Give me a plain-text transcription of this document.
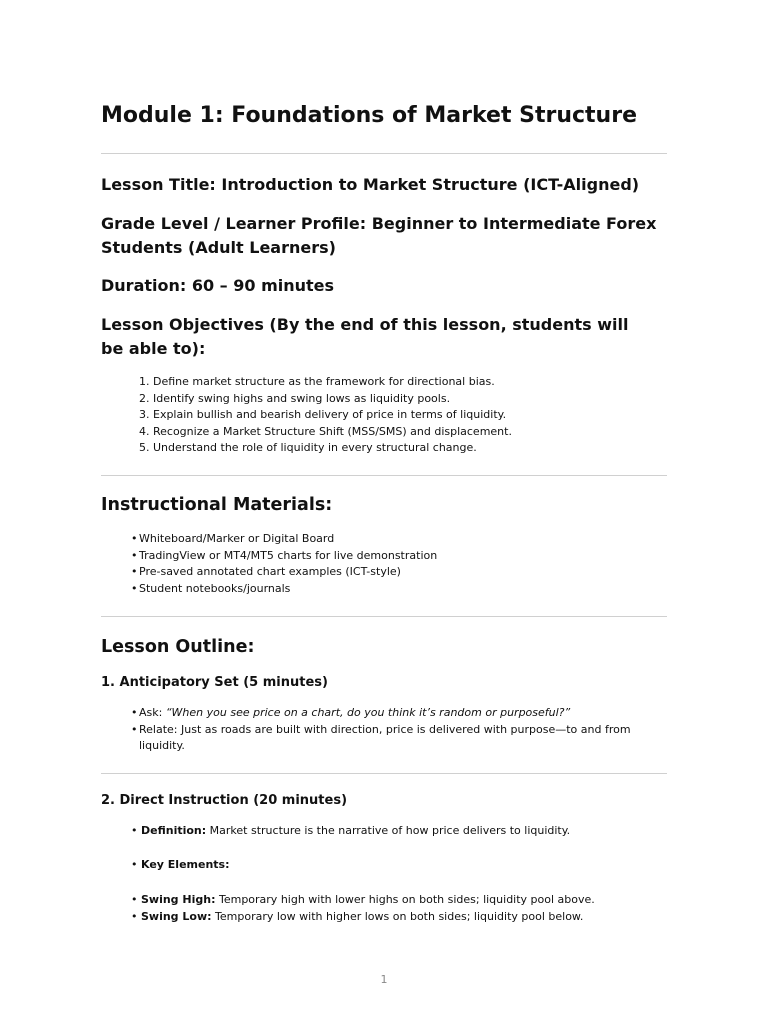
Module 1: Foundations of Market Structure
Lesson Title: Introduction to Market Structure (ICT-Aligned)
Grade Level / Learner Profile: Beginner to Intermediate Forex Students (Adult Learners)
Duration: 60 – 90 minutes
Lesson Objectives (By the end of this lesson, students will be able to):
1. Define market structure as the framework for directional bias.
2. Identify swing highs and swing lows as liquidity pools.
3. Explain bullish and bearish delivery of price in terms of liquidity.
4. Recognize a Market Structure Shift (MSS/SMS) and displacement.
5. Understand the role of liquidity in every structural change.
Instructional Materials:
• Whiteboard/Marker or Digital Board
• TradingView or MT4/MT5 charts for live demonstration
• Pre-saved annotated chart examples (ICT-style)
• Student notebooks/journals
Lesson Outline:
1. Anticipatory Set (5 minutes)
• Ask: “When you see price on a chart, do you think it’s random or purposeful?”
• Relate: Just as roads are built with direction, price is delivered with purpose—to and from liquidity.
2. Direct Instruction (20 minutes)
• Definition: Market structure is the narrative of how price delivers to liquidity.
• Key Elements:
• Swing High: Temporary high with lower highs on both sides; liquidity pool above.
• Swing Low: Temporary low with higher lows on both sides; liquidity pool below.
1
